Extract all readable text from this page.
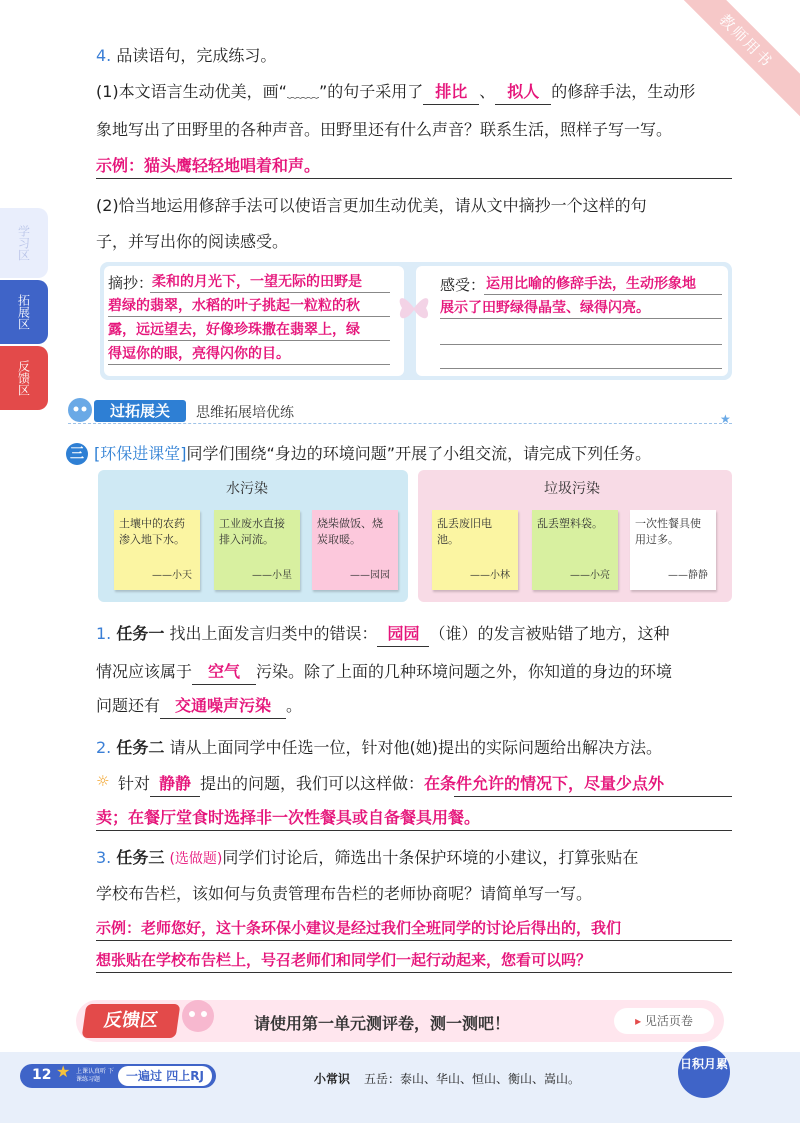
教师用书
学习区
拓展区
反馈区
4. 品读语句，完成练习。
(1)本文语言生动优美，画“﹏﹏”的句子采用了 排比 、 拟人 的修辞手法，生动形
象地写出了田野里的各种声音。田野里还有什么声音？联系生活，照样子写一写。
示例：猫头鹰轻轻地唱着和声。
(2)恰当地运用修辞手法可以使语言更加生动优美，请从文中摘抄一个这样的句
子，并写出你的阅读感受。
摘抄：
柔和的月光下，一望无际的田野是
碧绿的翡翠，水稻的叶子挑起一粒粒的秋
露，远远望去，好像珍珠撒在翡翠上，绿
得逗你的眼，亮得闪你的目。
感受： 运用比喻的修辞手法，生动形象地
展示了田野绿得晶莹、绿得闪亮。
过拓展关	思维拓展培优练	★
三 [环保进课堂]同学们围绕“身边的环境问题”开展了小组交流，请完成下列任务。
水污染	垃圾污染
土壤中的农药渗入地下水。
——小天
工业废水直接排入河流。
——小星
烧柴做饭、烧炭取暖。
——园园
乱丢废旧电池。
——小林
乱丢塑料袋。
——小亮
一次性餐具使用过多。
——静静
1. 任务一 找出上面发言归类中的错误： 园园 （谁）的发言被贴错了地方，这种
情况应该属于 空气 污染。除了上面的几种环境问题之外，你知道的身边的环境
问题还有 交通噪声污染 。
2. 任务二 请从上面同学中任选一位，针对他(她)提出的实际问题给出解决方法。
☼ 针对 静静 提出的问题，我们可以这样做：在条件允许的情况下，尽量少点外
卖；在餐厅堂食时选择非一次性餐具或自备餐具用餐。
3. 任务三 (选做题)同学们讨论后，筛选出十条保护环境的小建议，打算张贴在
学校布告栏，该如何与负责管理布告栏的老师协商呢？请简单写一写。
示例：老师您好，这十条环保小建议是经过我们全班同学的讨论后得出的，我们
想张贴在学校布告栏上，号召老师们和同学们一起行动起来，您看可以吗？
反馈区	请使用第一单元测评卷，测一测吧！	▸ 见活页卷
12 ★ 上课认真听 下课练习题	一遍过 四上RJ	小常识 五岳：泰山、华山、恒山、衡山、嵩山。
日积月累
